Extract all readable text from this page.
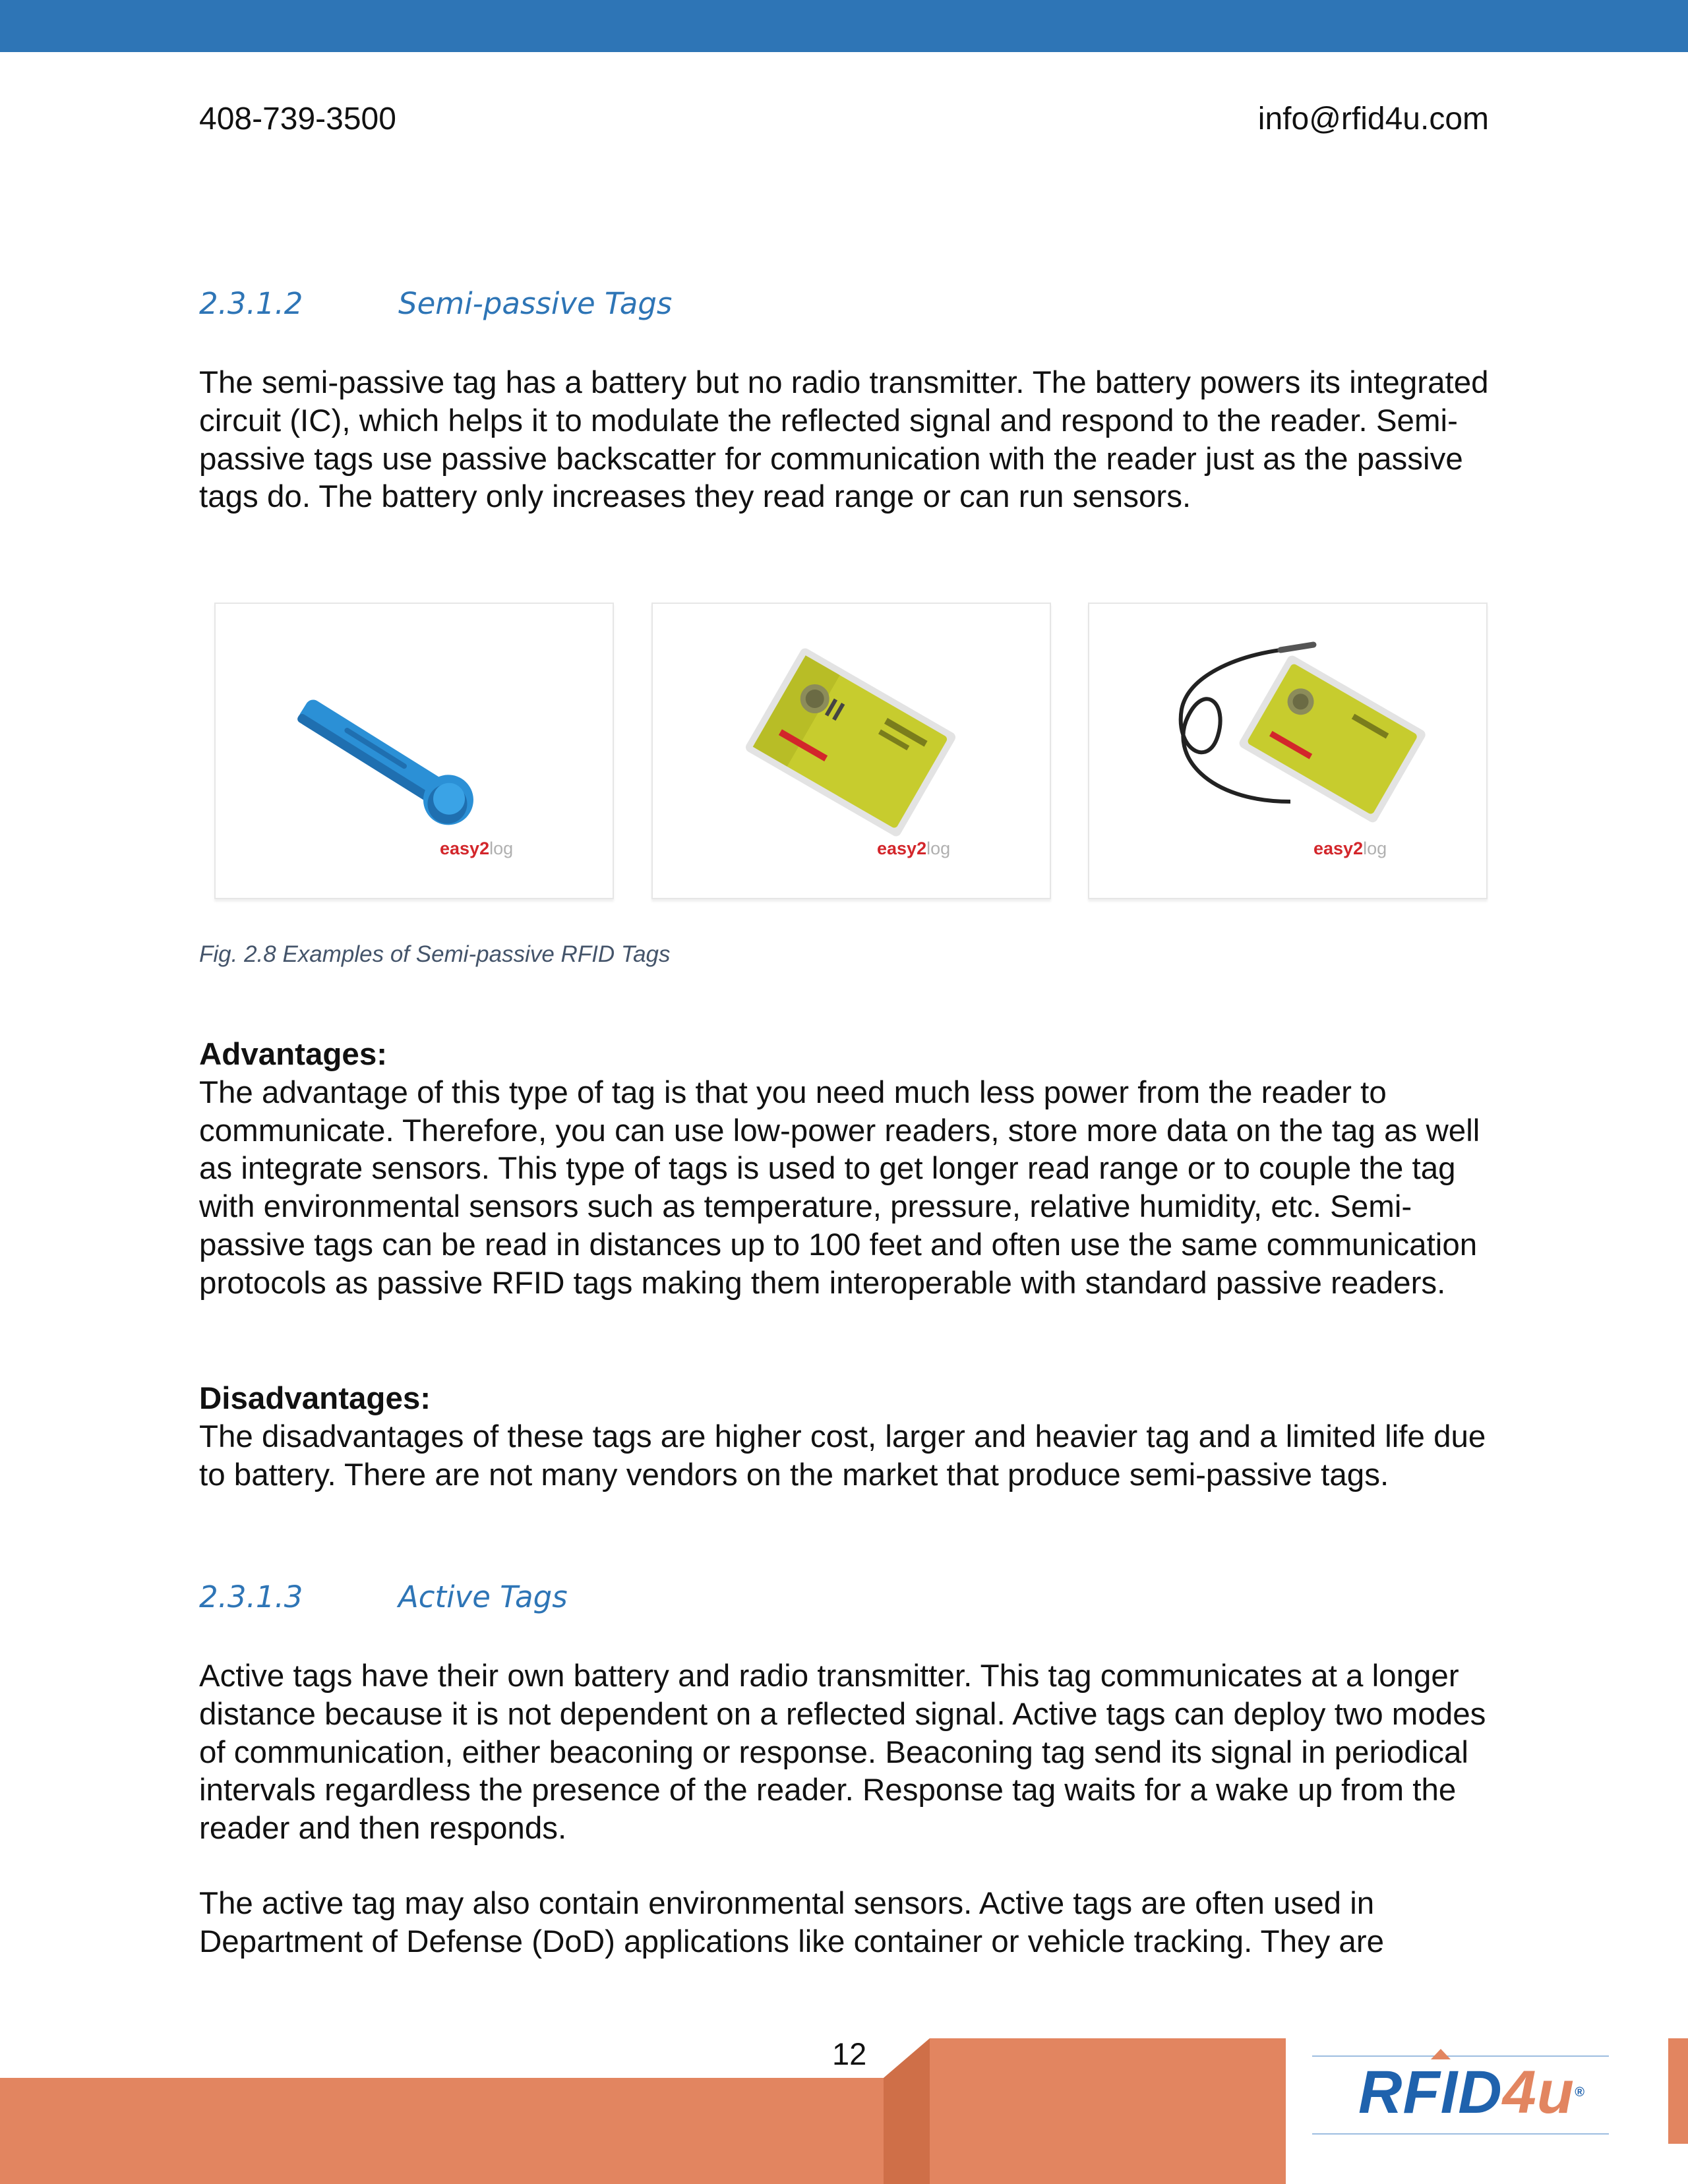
408-739-3500	info@rfid4u.com
2.3.1.2	Semi-passive Tags

The semi-passive tag has a battery but no radio transmitter. The battery powers its integrated circuit (IC), which helps it to modulate the reflected signal and respond to the reader. Semi-passive tags use passive backscatter for communication with the reader just as the passive tags do. The battery only increases they read range or can run sensors.

easy2log	easy2log	easy2log
Fig. 2.8 Examples of Semi-passive RFID Tags
Advantages:
The advantage of this type of tag is that you need much less power from the reader to communicate. Therefore, you can use low-power readers, store more data on the tag as well as integrate sensors. This type of tags is used to get longer read range or to couple the tag with environmental sensors such as temperature, pressure, relative humidity, etc. Semi-passive tags can be read in distances up to 100 feet and often use the same communication protocols as passive RFID tags making them interoperable with standard passive readers.
Disadvantages:
The disadvantages of these tags are higher cost, larger and heavier tag and a limited life due to battery. There are not many vendors on the market that produce semi-passive tags.
2.3.1.3	Active Tags

Active tags have their own battery and radio transmitter. This tag communicates at a longer distance because it is not dependent on a reflected signal. Active tags can deploy two modes of communication, either beaconing or response. Beaconing tag send its signal in periodical intervals regardless the presence of the reader. Response tag waits for a wake up from the reader and then responds.

The active tag may also contain environmental sensors. Active tags are often used in Department of Defense (DoD) applications like container or vehicle tracking. They are

12
RFID4u®
